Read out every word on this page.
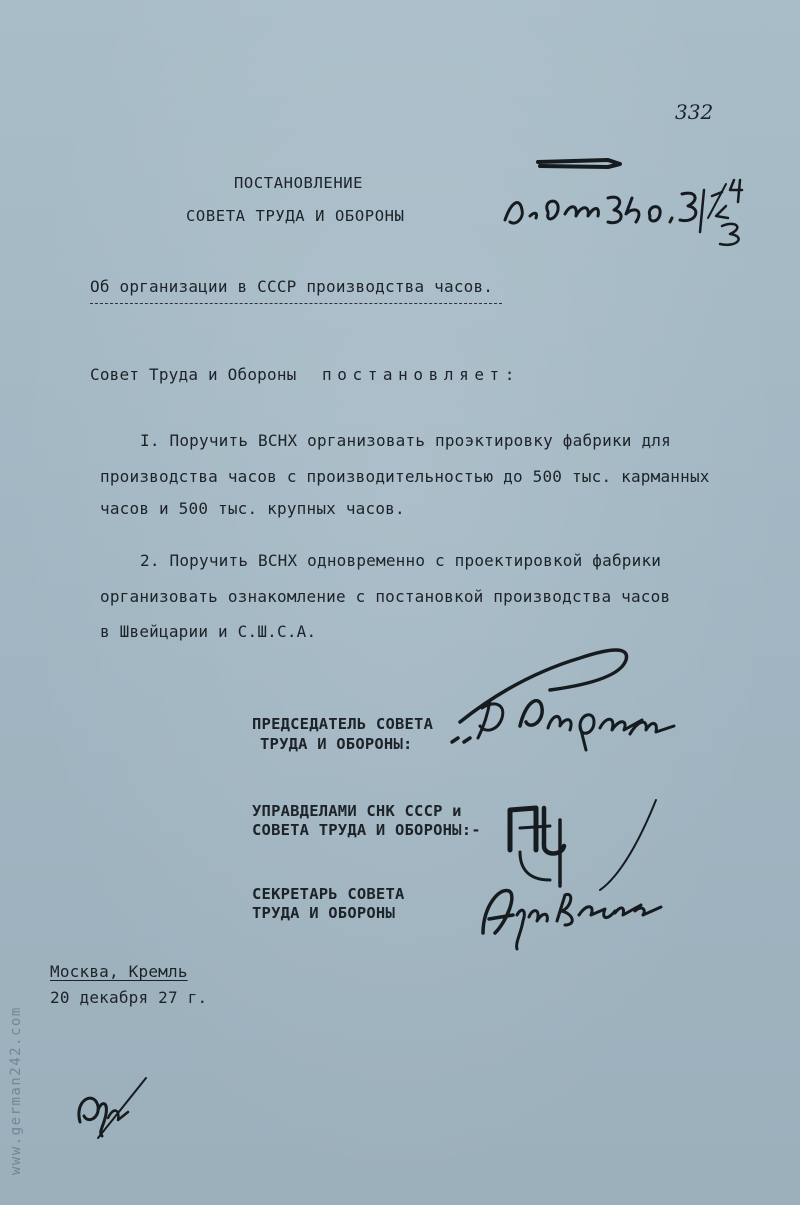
332
ПОСТАНОВЛЕНИЕ
СОВЕТА ТРУДА И ОБОРОНЫ
Об организации в СССР производства часов.
Совет Труда и Обороны постановляет:
I. Поручить ВСНХ организовать проэктировку фабрики для
производства часов с производительностью до 500 тыс. карманных
часов и 500 тыс. крупных часов.
2. Поручить ВСНХ одновременно с проектировкой фабрики
организовать ознакомление с постановкой производства часов
в Швейцарии и С.Ш.С.А.
ПРЕДСЕДАТЕЛЬ СОВЕТА
ТРУДА И ОБОРОНЫ:
УПРАВДЕЛАМИ СНК СССР и
СОВЕТА ТРУДА И ОБОРОНЫ:-
СЕКРЕТАРЬ СОВЕТА
ТРУДА И ОБОРОНЫ
Москва, Кремль
20 декабря 27 г.
www.german242.com
